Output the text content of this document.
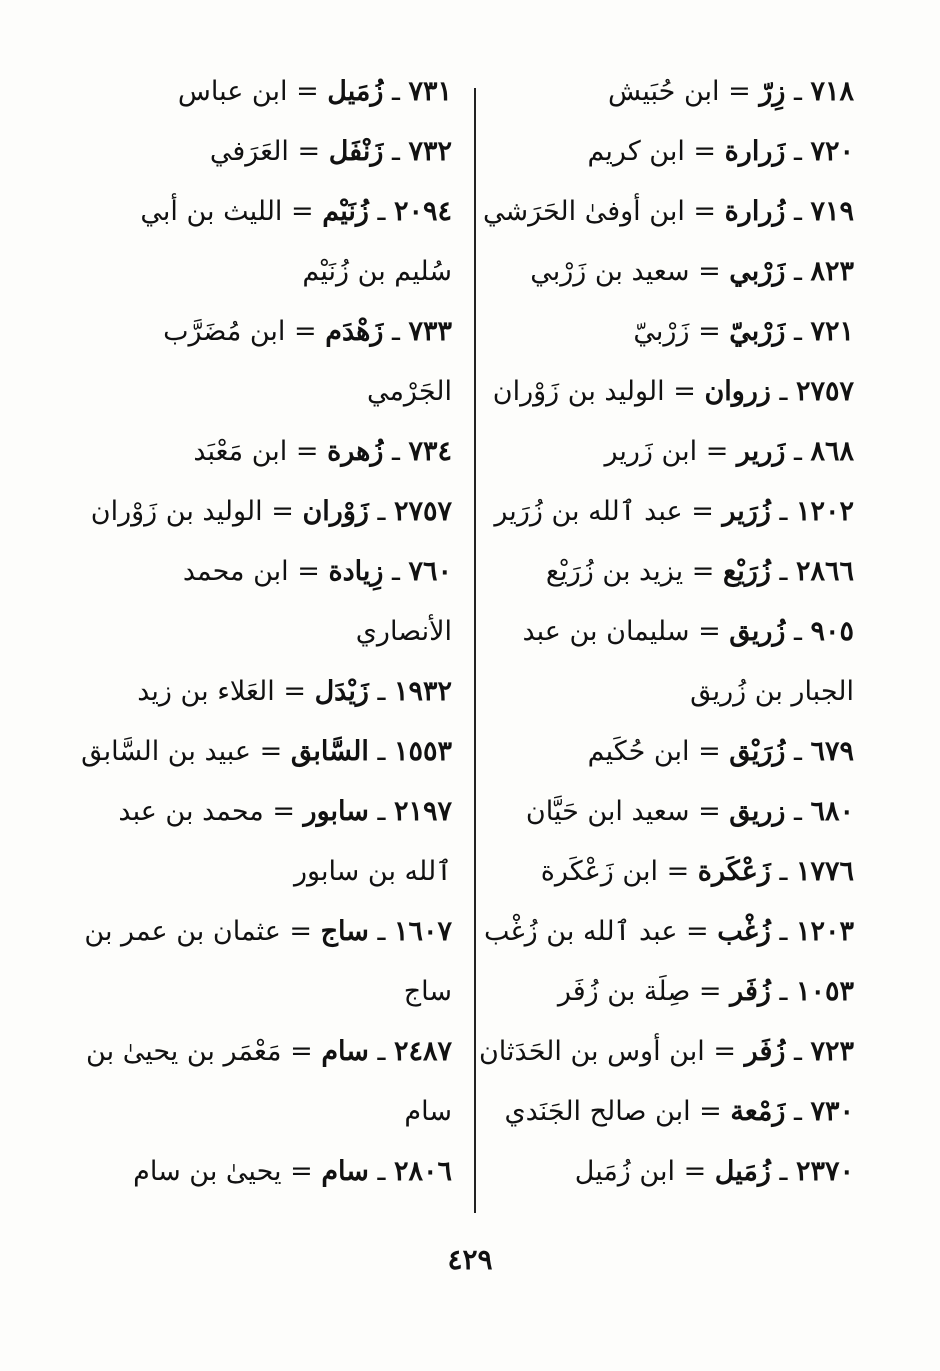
٧١٨ ـ زِرّ = ابن حُبَيش

٧٢٠ ـ زَرارة = ابن كريم

٧١٩ ـ زُرارة = ابن أوفىٰ الحَرَشي

٨٢٣ ـ زَرْبي = سعيد بن زَرْبي

٧٢١ ـ زَرْبيّ = زَرْبيّ

٢٧٥٧ ـ زروان = الوليد بن زَوْران

٨٦٨ ـ زَرير = ابن زَرير

١٢٠٢ ـ زُرَير = عبد ٱلله بن زُرَير

٢٨٦٦ ـ زُرَيْع = يزيد بن زُرَيْع

٩٠٥ ـ زُريق = سليمان بن عبد الجبار بن زُريق

٦٧٩ ـ زُرَيْق = ابن حُكَيم

٦٨٠ ـ زريق = سعيد ابن حَيَّان

١٧٧٦ ـ زَعْكَرة = ابن زَعْكَرة

١٢٠٣ ـ زُغْب = عبد ٱلله بن زُغْب

١٠٥٣ ـ زُفَر = صِلَة بن زُفَر

٧٢٣ ـ زُفَر = ابن أوس بن الحَدَثان

٧٣٠ ـ زَمْعة = ابن صالح الجَنَدي

٢٣٧٠ ـ زُمَيل = ابن زُمَيل

٧٣١ ـ زُمَيل = ابن عباس

٧٣٢ ـ زَنْفَل = العَرَفي

٢٠٩٤ ـ زُنَيْم = الليث بن أبي سُليم بن زُنَيْم

٧٣٣ ـ زَهْدَم = ابن مُضَرَّب الجَرْمي

٧٣٤ ـ زُهرة = ابن مَعْبَد

٢٧٥٧ ـ زَوْران = الوليد بن زَوْران

٧٦٠ ـ زِيادة = ابن محمد الأنصاري

١٩٣٢ ـ زَيْدَل = العَلاء بن زيد

١٥٥٣ ـ السَّابق = عبيد بن السَّابق

٢١٩٧ ـ سابور = محمد بن عبد ٱلله بن سابور

١٦٠٧ ـ ساج = عثمان بن عمر بن ساج

٢٤٨٧ ـ سام = مَعْمَر بن يحيىٰ بن سام

٢٨٠٦ ـ سام = يحيىٰ بن سام

٤٢٩
